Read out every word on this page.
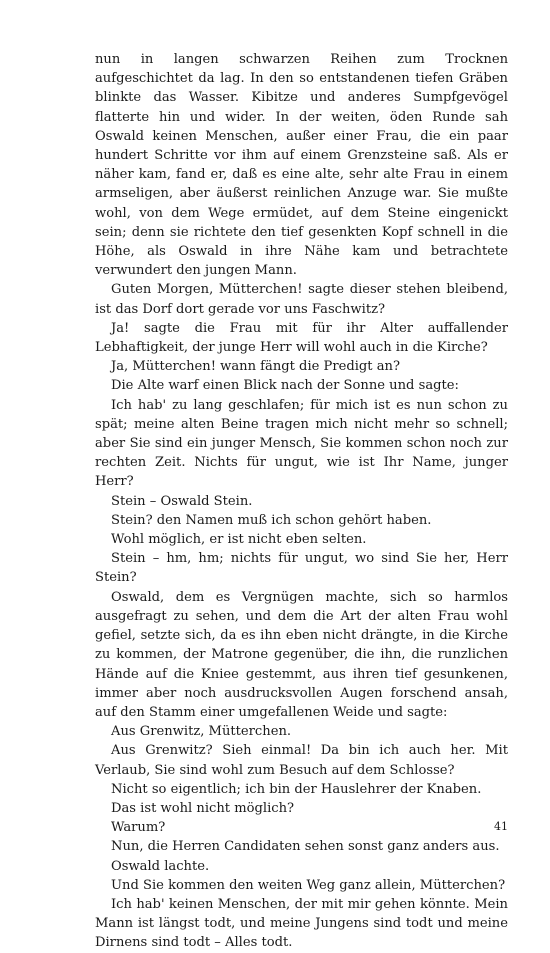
nun in langen schwarzen Reihen zum Trocknen aufgeschichtet da lag. In den so entstandenen tiefen Gräben blinkte das Wasser. Kibitze und anderes Sumpfgevögel flatterte hin und wider. In der weiten, öden Runde sah Oswald keinen Menschen, außer einer Frau, die ein paar hundert Schritte vor ihm auf einem Grenzsteine saß. Als er näher kam, fand er, daß es eine alte, sehr alte Frau in einem armseligen, aber äußerst reinlichen Anzuge war. Sie mußte wohl, von dem Wege ermüdet, auf dem Steine eingenickt sein; denn sie richtete den tief gesenkten Kopf schnell in die Höhe, als Oswald in ihre Nähe kam und betrachtete verwundert den jungen Mann.

Guten Morgen, Mütterchen! sagte dieser stehen bleibend, ist das Dorf dort gerade vor uns Faschwitz?

Ja! sagte die Frau mit für ihr Alter auffallender Lebhaftigkeit, der junge Herr will wohl auch in die Kirche?

Ja, Mütterchen! wann fängt die Predigt an?

Die Alte warf einen Blick nach der Sonne und sagte:

Ich hab' zu lang geschlafen; für mich ist es nun schon zu spät; meine alten Beine tragen mich nicht mehr so schnell; aber Sie sind ein junger Mensch, Sie kommen schon noch zur rechten Zeit. Nichts für ungut, wie ist Ihr Name, junger Herr?

Stein – Oswald Stein.

Stein? den Namen muß ich schon gehört haben.

Wohl möglich, er ist nicht eben selten.

Stein – hm, hm; nichts für ungut, wo sind Sie her, Herr Stein?

Oswald, dem es Vergnügen machte, sich so harmlos ausgefragt zu sehen, und dem die Art der alten Frau wohl gefiel, setzte sich, da es ihn eben nicht drängte, in die Kirche zu kommen, der Matrone gegenüber, die ihn, die runzlichen Hände auf die Kniee gestemmt, aus ihren tief gesunkenen, immer aber noch ausdrucksvollen Augen forschend ansah, auf den Stamm einer umgefallenen Weide und sagte:

Aus Grenwitz, Mütterchen.

Aus Grenwitz? Sieh einmal! Da bin ich auch her. Mit Verlaub, Sie sind wohl zum Besuch auf dem Schlosse?

Nicht so eigentlich; ich bin der Hauslehrer der Knaben.

Das ist wohl nicht möglich?

Warum?

Nun, die Herren Candidaten sehen sonst ganz anders aus.

Oswald lachte.

Und Sie kommen den weiten Weg ganz allein, Mütterchen?

Ich hab' keinen Menschen, der mit mir gehen könnte. Mein Mann ist längst todt, und meine Jungens sind todt und meine Dirnens sind todt – Alles todt.

41
